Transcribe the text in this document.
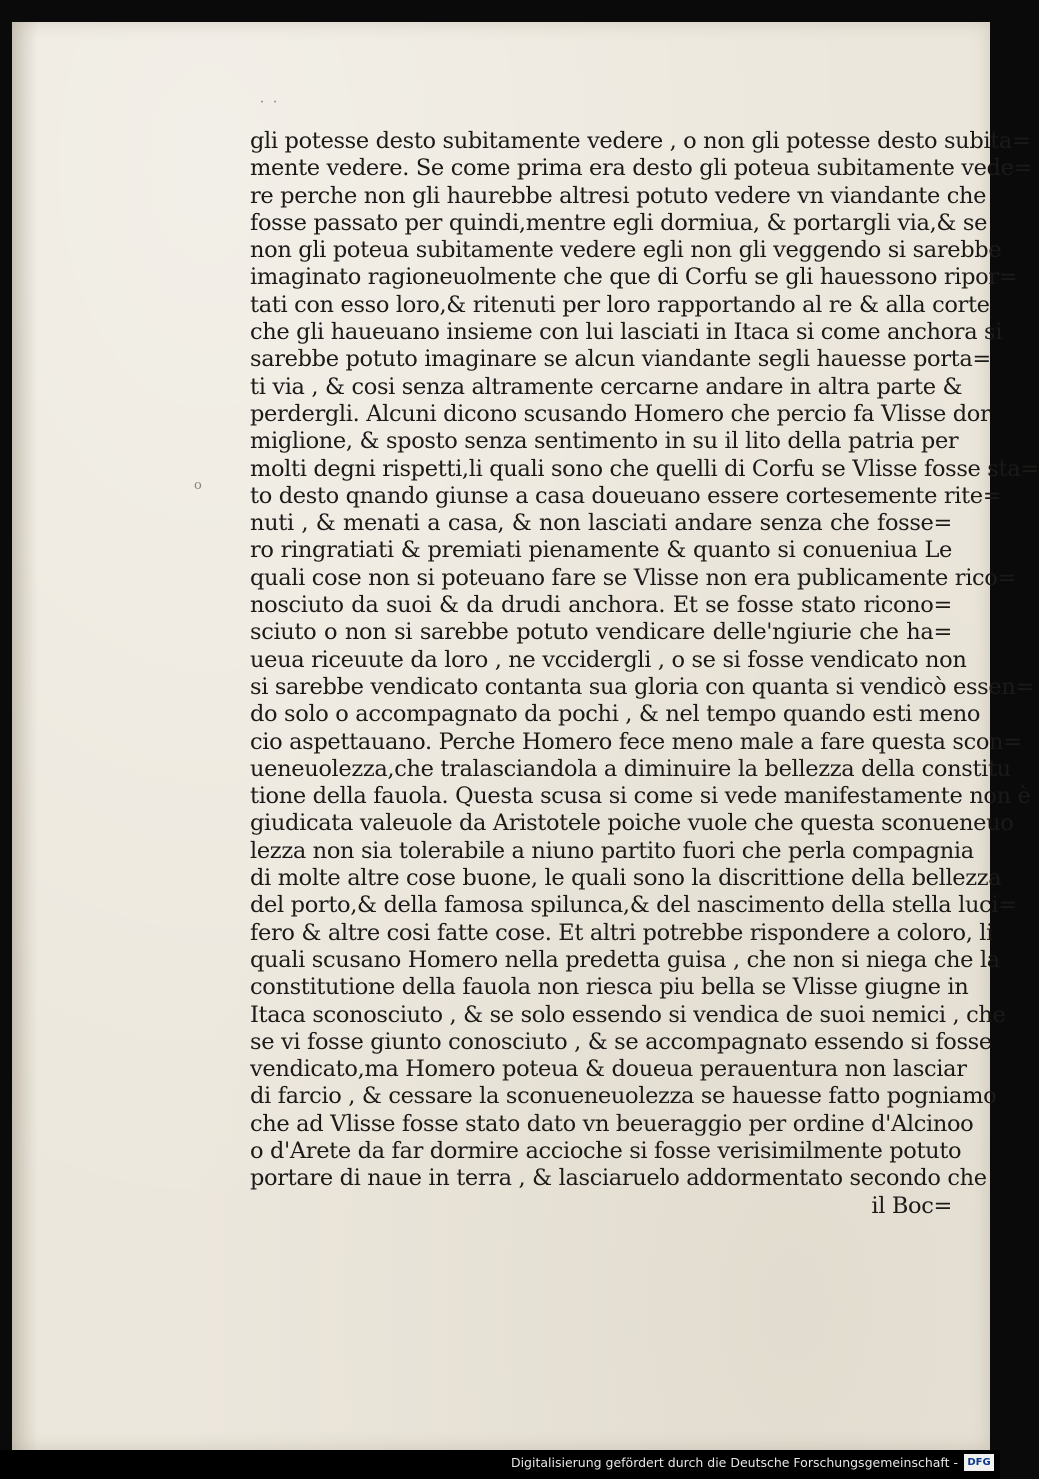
˙ ˙
o
gli potesse desto subitamente vedere , o non gli potesse desto subita=
mente vedere. Se come prima era desto gli poteua subitamente vede=
re perche non gli haurebbe altresi potuto vedere vn viandante che
fosse passato per quindi,mentre egli dormiua, & portargli via,& se
non gli poteua subitamente vedere egli non gli veggendo si sarebbe
imaginato ragioneuolmente che que di Corfu se gli hauessono ripor=
tati con esso loro,& ritenuti per loro rapportando al re & alla corte
che gli haueuano insieme con lui lasciati in Itaca si come anchora si
sarebbe potuto imaginare se alcun viandante segli hauesse porta=
ti via , & cosi senza altramente cercarne andare in altra parte &
perdergli. Alcuni dicono scusando Homero che percio fa Vlisse dor
miglione, & sposto senza sentimento in su il lito della patria per
molti degni rispetti,li quali sono che quelli di Corfu se Vlisse fosse sta=
to desto qnando giunse a casa doueuano essere cortesemente rite=
nuti , & menati a casa, & non lasciati andare senza che fosse=
ro ringratiati & premiati pienamente & quanto si conueniua Le
quali cose non si poteuano fare se Vlisse non era publicamente rico=
nosciuto da suoi & da drudi anchora. Et se fosse stato ricono=
sciuto o non si sarebbe potuto vendicare delle'ngiurie che ha=
ueua riceuute da loro , ne vccidergli , o se si fosse vendicato non
si sarebbe vendicato contanta sua gloria con quanta si vendicò essen=
do solo o accompagnato da pochi , & nel tempo quando esti meno
cio aspettauano. Perche Homero fece meno male a fare questa scon=
ueneuolezza,che tralasciandola a diminuire la bellezza della constitu
tione della fauola. Questa scusa si come si vede manifestamente non è
giudicata valeuole da Aristotele poiche vuole che questa sconueneuo
lezza non sia tolerabile a niuno partito fuori che perla compagnia
di molte altre cose buone, le quali sono la discrittione della bellezza
del porto,& della famosa spilunca,& del nascimento della stella luci=
fero & altre cosi fatte cose. Et altri potrebbe rispondere a coloro, li
quali scusano Homero nella predetta guisa , che non si niega che la
constitutione della fauola non riesca piu bella se Vlisse giugne in
Itaca sconosciuto , & se solo essendo si vendica de suoi nemici , che
se vi fosse giunto conosciuto , & se accompagnato essendo si fosse
vendicato,ma Homero poteua & doueua perauentura non lasciar
di farcio , & cessare la sconueneuolezza se hauesse fatto pogniamo
che ad Vlisse fosse stato dato vn beueraggio per ordine d'Alcinoo
o d'Arete da far dormire accioche si fosse verisimilmente potuto
portare di naue in terra , & lasciaruelo addormentato secondo che
il Boc=
Digitalisierung gefördert durch die Deutsche Forschungsgemeinschaft - DFG
